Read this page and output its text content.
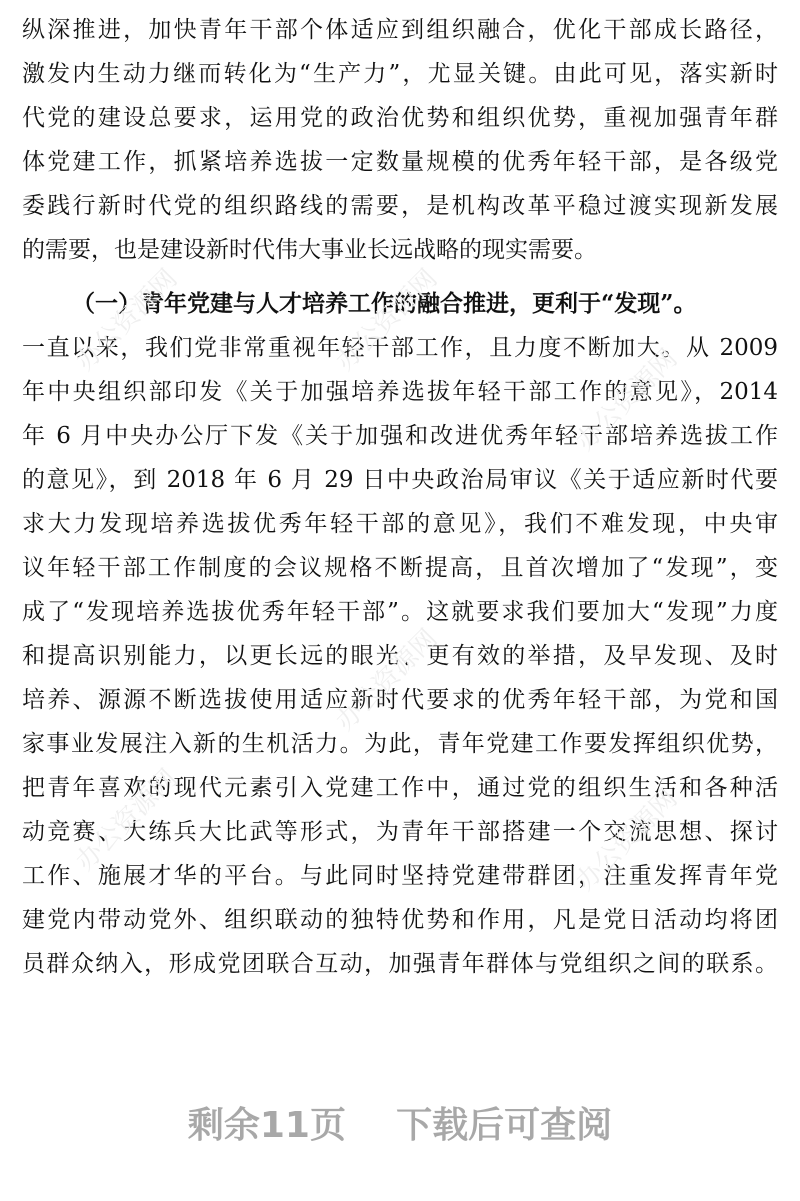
纵深推进，加快青年干部个体适应到组织融合，优化干部成长路径，
激发内生动力继而转化为“生产力”，尤显关键。由此可见，落实新时
代党的建设总要求，运用党的政治优势和组织优势，重视加强青年群
体党建工作，抓紧培养选拔一定数量规模的优秀年轻干部，是各级党
委践行新时代党的组织路线的需要，是机构改革平稳过渡实现新发展
的需要，也是建设新时代伟大事业长远战略的现实需要。
（一）青年党建与人才培养工作的融合推进，更利于“发现”。
一直以来，我们党非常重视年轻干部工作，且力度不断加大。从 2009
年中央组织部印发《关于加强培养选拔年轻干部工作的意见》，2014
年 6 月中央办公厅下发《关于加强和改进优秀年轻干部培养选拔工作
的意见》，到 2018 年 6 月 29 日中央政治局审议《关于适应新时代要
求大力发现培养选拔优秀年轻干部的意见》，我们不难发现，中央审
议年轻干部工作制度的会议规格不断提高，且首次增加了“发现”，变
成了“发现培养选拔优秀年轻干部”。这就要求我们要加大“发现”力度
和提高识别能力，以更长远的眼光、更有效的举措，及早发现、及时
培养、源源不断选拔使用适应新时代要求的优秀年轻干部，为党和国
家事业发展注入新的生机活力。为此，青年党建工作要发挥组织优势，
把青年喜欢的现代元素引入党建工作中，通过党的组织生活和各种活
动竞赛、大练兵大比武等形式，为青年干部搭建一个交流思想、探讨
工作、施展才华的平台。与此同时坚持党建带群团，注重发挥青年党
建党内带动党外、组织联动的独特优势和作用，凡是党日活动均将团
员群众纳入，形成党团联合互动，加强青年群体与党组织之间的联系。
办公资源网	办公资源网
办公资源网
办公资源网
办公资源网
办公资源网
剩余11页    下载后可查阅
